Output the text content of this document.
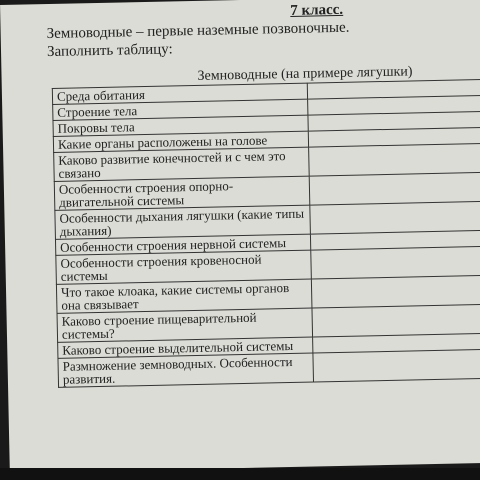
7 класс.
Земноводные – первые наземные позвоночные.
Заполнить таблицу:
Земноводные (на примере лягушки)
Среда обитания	
Строение тела	
Покровы тела	
Какие органы расположены на голове	
Каково развитие конечностей и с чем это связано	
Особенности строения опорно-двигательной системы	
Особенности дыхания лягушки (какие типы дыхания)	
Особенности строения нервной системы	
Особенности строения кровеносной системы	
Что такое клоака, какие системы органов она связывает	
Каково строение пищеварительной системы?	
Каково строение выделительной системы	
Размножение земноводных. Особенности развития.	
